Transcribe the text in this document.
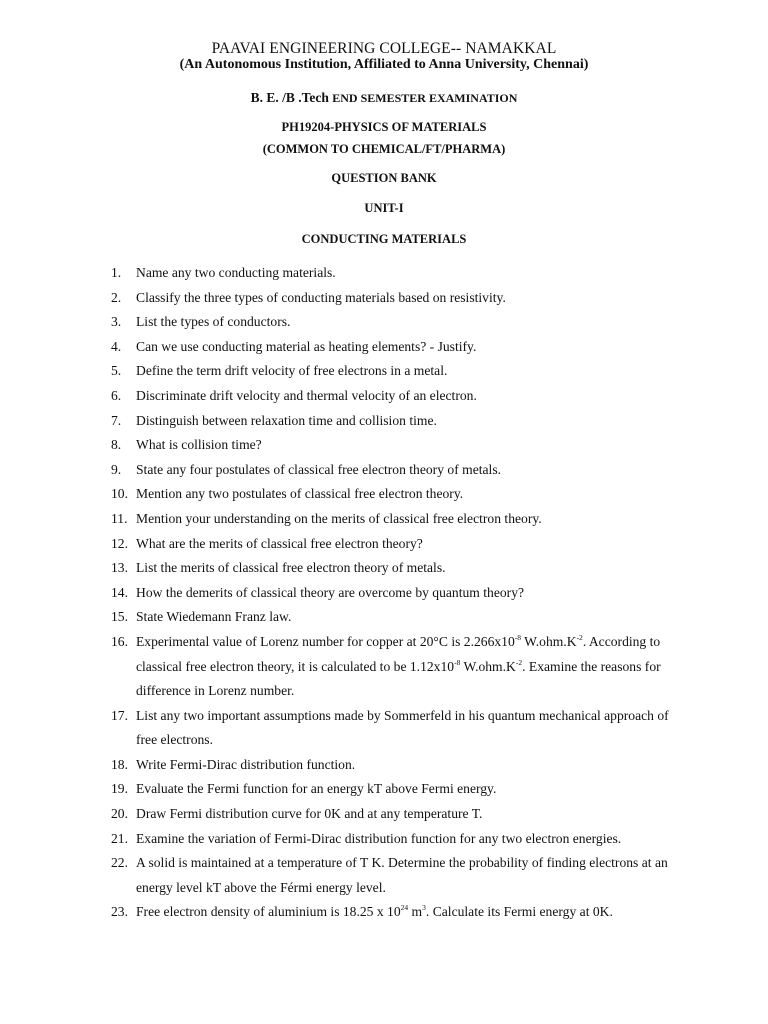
PAAVAI ENGINEERING COLLEGE-- NAMAKKAL
(An Autonomous Institution, Affiliated to Anna University, Chennai)
B. E. /B .Tech END SEMESTER EXAMINATION
PH19204-PHYSICS OF MATERIALS
(COMMON TO CHEMICAL/FT/PHARMA)
QUESTION BANK
UNIT-I
CONDUCTING MATERIALS
1. Name any two conducting materials.
2. Classify the three types of conducting materials based on resistivity.
3. List the types of conductors.
4. Can we use conducting material as heating elements? - Justify.
5. Define the term drift velocity of free electrons in a metal.
6. Discriminate drift velocity and thermal velocity of an electron.
7. Distinguish between relaxation time and collision time.
8. What is collision time?
9. State any four postulates of classical free electron theory of metals.
10. Mention any two postulates of classical free electron theory.
11. Mention your understanding on the merits of classical free electron theory.
12. What are the merits of classical free electron theory?
13. List the merits of classical free electron theory of metals.
14. How the demerits of classical theory are overcome by quantum theory?
15. State Wiedemann Franz law.
16. Experimental value of Lorenz number for copper at 20°C is $2.266x10^{-8}$ $W.ohm.K^{-2}$. According to classical free electron theory, it is calculated to be $1.12x10^{-8}$ $W.ohm.K^{-2}$. Examine the reasons for difference in Lorenz number.
17. List any two important assumptions made by Sommerfeld in his quantum mechanical approach of free electrons.
18. Write Fermi-Dirac distribution function.
19. Evaluate the Fermi function for an energy kT above Fermi energy.
20. Draw Fermi distribution curve for 0K and at any temperature T.
21. Examine the variation of Fermi-Dirac distribution function for any two electron energies.
22. A solid is maintained at a temperature of T K. Determine the probability of finding electrons at an energy level kT above the Férmi energy level.
23. Free electron density of aluminium is 18.25 x $10^{24}$ $m^3$. Calculate its Fermi energy at 0K.
